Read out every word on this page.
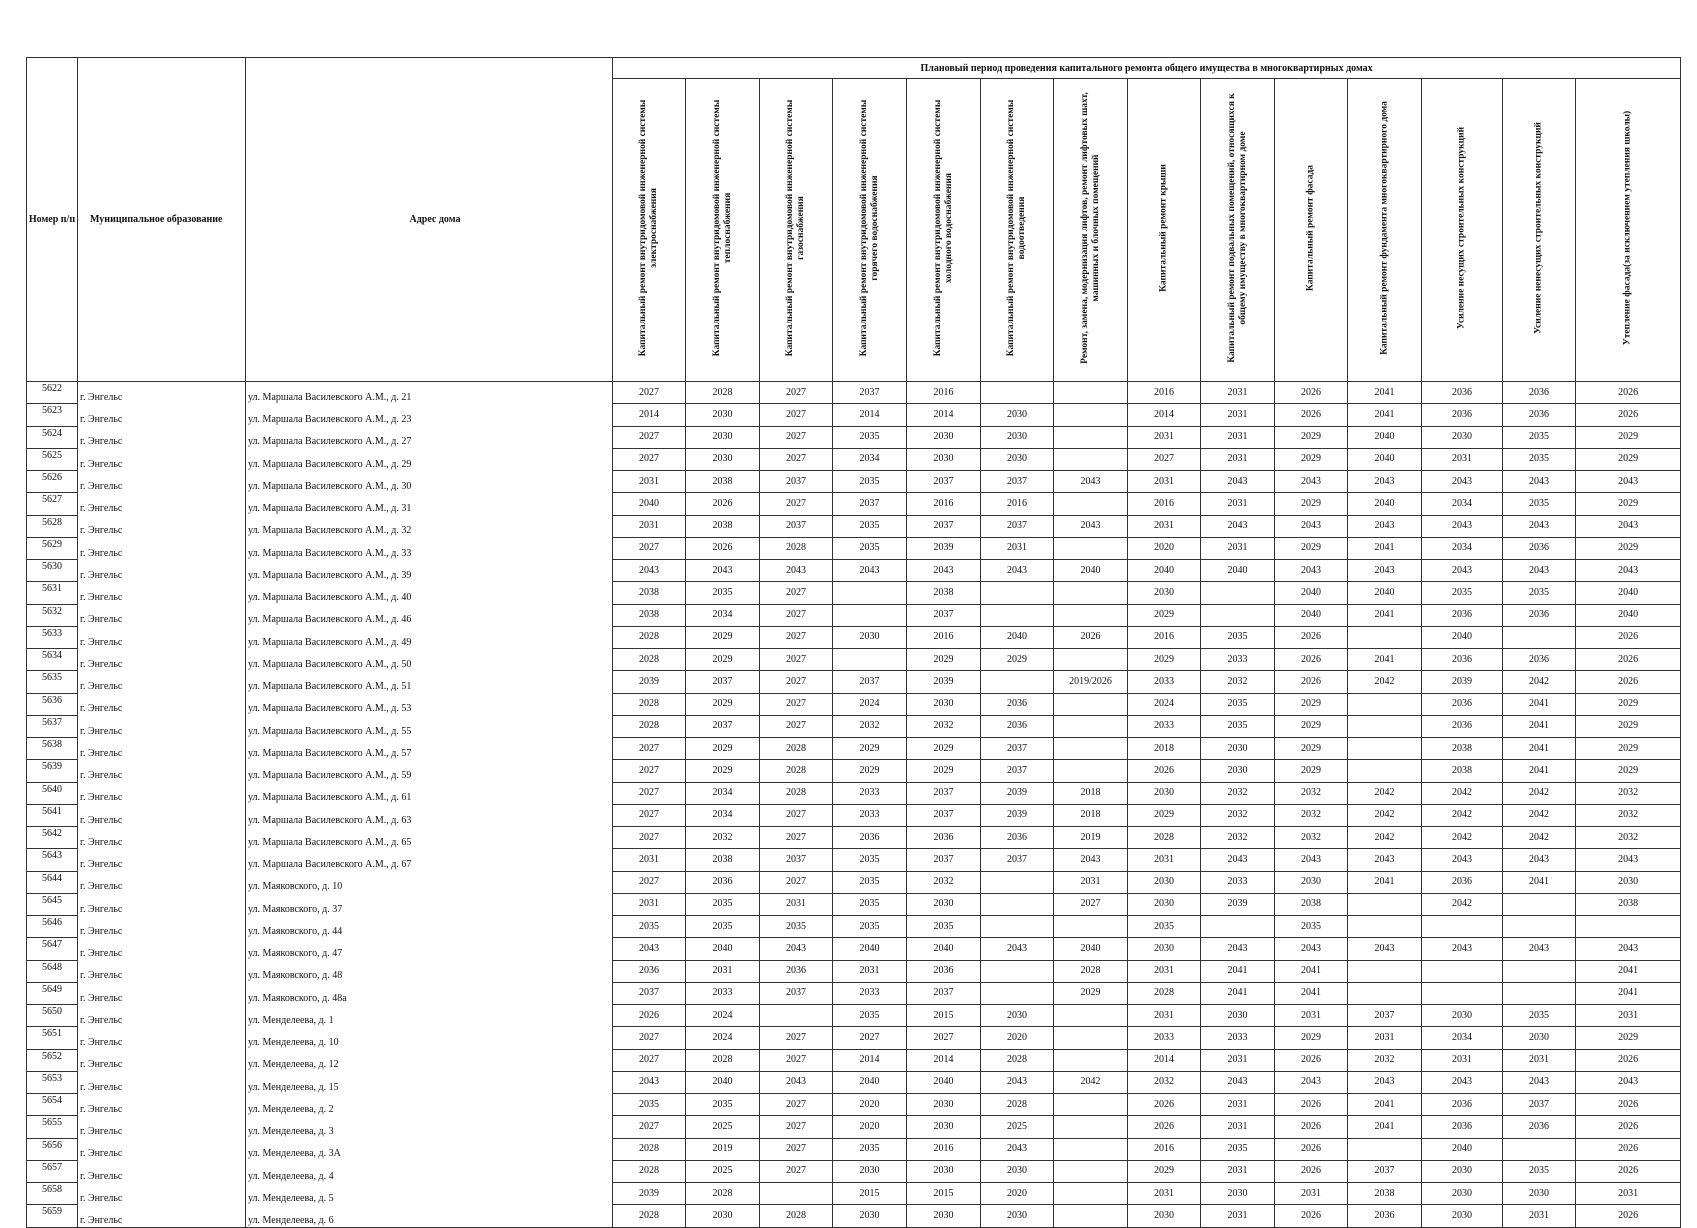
Номер п/п	Муниципальное образование	Адрес дома	Плановый период проведения капитального ремонта общего имущества в многоквартирных домах													

			Капитальный ремонт внутридомовой инженерной системы электроснабжения	Капитальный ремонт внутридомовой инженерной системы теплоснабжения	Капитальный ремонт внутридомовой инженерной системы газоснабжения	Капитальный ремонт внутридомовой инженерной системы горячего водоснабжения	Капитальный ремонт внутридомовой инженерной системы холодного водоснабжения	Капитальный ремонт внутридомовой инженерной системы водоотведения	Ремонт, замена, модернизация лифтов, ремонт лифтовых шахт, машинных и блочных помещений	Капитальный ремонт крыши	Капитальный ремонт подвальных помещений, относящихся к общему имуществу в многоквартирном доме	Капитальный ремонт фасада	Капитальный ремонт фундамента многоквартирного дома	Усиление несущих строительных конструкций	Усиление ненесущих строительных конструкций	Утепление фасада(за исключением утепления школы)

5622	г. Энгельс	ул. Маршала Василевского А.М., д. 21	2027	2028	2027	2037	2016			2016	2031	2026	2041	2036	2036	2026
5623	г. Энгельс	ул. Маршала Василевского А.М., д. 23	2014	2030	2027	2014	2014	2030		2014	2031	2026	2041	2036	2036	2026
5624	г. Энгельс	ул. Маршала Василевского А.М., д. 27	2027	2030	2027	2035	2030	2030		2031	2031	2029	2040	2030	2035	2029
5625	г. Энгельс	ул. Маршала Василевского А.М., д. 29	2027	2030	2027	2034	2030	2030		2027	2031	2029	2040	2031	2035	2029
5626	г. Энгельс	ул. Маршала Василевского А.М., д. 30	2031	2038	2037	2035	2037	2037	2043	2031	2043	2043	2043	2043	2043	2043
5627	г. Энгельс	ул. Маршала Василевского А.М., д. 31	2040	2026	2027	2037	2016	2016		2016	2031	2029	2040	2034	2035	2029
5628	г. Энгельс	ул. Маршала Василевского А.М., д. 32	2031	2038	2037	2035	2037	2037	2043	2031	2043	2043	2043	2043	2043	2043
5629	г. Энгельс	ул. Маршала Василевского А.М., д. 33	2027	2026	2028	2035	2039	2031		2020	2031	2029	2041	2034	2036	2029
5630	г. Энгельс	ул. Маршала Василевского А.М., д. 39	2043	2043	2043	2043	2043	2043	2040	2040	2040	2043	2043	2043	2043	2043
5631	г. Энгельс	ул. Маршала Василевского А.М., д. 40	2038	2035	2027		2038			2030		2040	2040	2035	2035	2040
5632	г. Энгельс	ул. Маршала Василевского А.М., д. 46	2038	2034	2027		2037			2029		2040	2041	2036	2036	2040
5633	г. Энгельс	ул. Маршала Василевского А.М., д. 49	2028	2029	2027	2030	2016	2040	2026	2016	2035	2026		2040		2026
5634	г. Энгельс	ул. Маршала Василевского А.М., д. 50	2028	2029	2027		2029	2029		2029	2033	2026	2041	2036	2036	2026
5635	г. Энгельс	ул. Маршала Василевского А.М., д. 51	2039	2037	2027	2037	2039		2019/2026	2033	2032	2026	2042	2039	2042	2026
5636	г. Энгельс	ул. Маршала Василевского А.М., д. 53	2028	2029	2027	2024	2030	2036		2024	2035	2029		2036	2041	2029
5637	г. Энгельс	ул. Маршала Василевского А.М., д. 55	2028	2037	2027	2032	2032	2036		2033	2035	2029		2036	2041	2029
5638	г. Энгельс	ул. Маршала Василевского А.М., д. 57	2027	2029	2028	2029	2029	2037		2018	2030	2029		2038	2041	2029
5639	г. Энгельс	ул. Маршала Василевского А.М., д. 59	2027	2029	2028	2029	2029	2037		2026	2030	2029		2038	2041	2029
5640	г. Энгельс	ул. Маршала Василевского А.М., д. 61	2027	2034	2028	2033	2037	2039	2018	2030	2032	2032	2042	2042	2042	2032
5641	г. Энгельс	ул. Маршала Василевского А.М., д. 63	2027	2034	2027	2033	2037	2039	2018	2029	2032	2032	2042	2042	2042	2032
5642	г. Энгельс	ул. Маршала Василевского А.М., д. 65	2027	2032	2027	2036	2036	2036	2019	2028	2032	2032	2042	2042	2042	2032
5643	г. Энгельс	ул. Маршала Василевского А.М., д. 67	2031	2038	2037	2035	2037	2037	2043	2031	2043	2043	2043	2043	2043	2043
5644	г. Энгельс	ул. Маяковского, д. 10	2027	2036	2027	2035	2032		2031	2030	2033	2030	2041	2036	2041	2030
5645	г. Энгельс	ул. Маяковского, д. 37	2031	2035	2031	2035	2030		2027	2030	2039	2038		2042		2038
5646	г. Энгельс	ул. Маяковского, д. 44	2035	2035	2035	2035	2035			2035		2035				
5647	г. Энгельс	ул. Маяковского, д. 47	2043	2040	2043	2040	2040	2043	2040	2030	2043	2043	2043	2043	2043	2043
5648	г. Энгельс	ул. Маяковского, д. 48	2036	2031	2036	2031	2036		2028	2031	2041	2041				2041
5649	г. Энгельс	ул. Маяковского, д. 48а	2037	2033	2037	2033	2037		2029	2028	2041	2041				2041
5650	г. Энгельс	ул. Менделеева, д. 1	2026	2024		2035	2015	2030		2031	2030	2031	2037	2030	2035	2031
5651	г. Энгельс	ул. Менделеева, д. 10	2027	2024	2027	2027	2027	2020		2033	2033	2029	2031	2034	2030	2029
5652	г. Энгельс	ул. Менделеева, д. 12	2027	2028	2027	2014	2014	2028		2014	2031	2026	2032	2031	2031	2026
5653	г. Энгельс	ул. Менделеева, д. 15	2043	2040	2043	2040	2040	2043	2042	2032	2043	2043	2043	2043	2043	2043
5654	г. Энгельс	ул. Менделеева, д. 2	2035	2035	2027	2020	2030	2028		2026	2031	2026	2041	2036	2037	2026
5655	г. Энгельс	ул. Менделеева, д. 3	2027	2025	2027	2020	2030	2025		2026	2031	2026	2041	2036	2036	2026
5656	г. Энгельс	ул. Менделеева, д. 3А	2028	2019	2027	2035	2016	2043		2016	2035	2026		2040		2026
5657	г. Энгельс	ул. Менделеева, д. 4	2028	2025	2027	2030	2030	2030		2029	2031	2026	2037	2030	2035	2026
5658	г. Энгельс	ул. Менделеева, д. 5	2039	2028		2015	2015	2020		2031	2030	2031	2038	2030	2030	2031
5659	г. Энгельс	ул. Менделеева, д. 6	2028	2030	2028	2030	2030	2030		2030	2031	2026	2036	2030	2031	2026
